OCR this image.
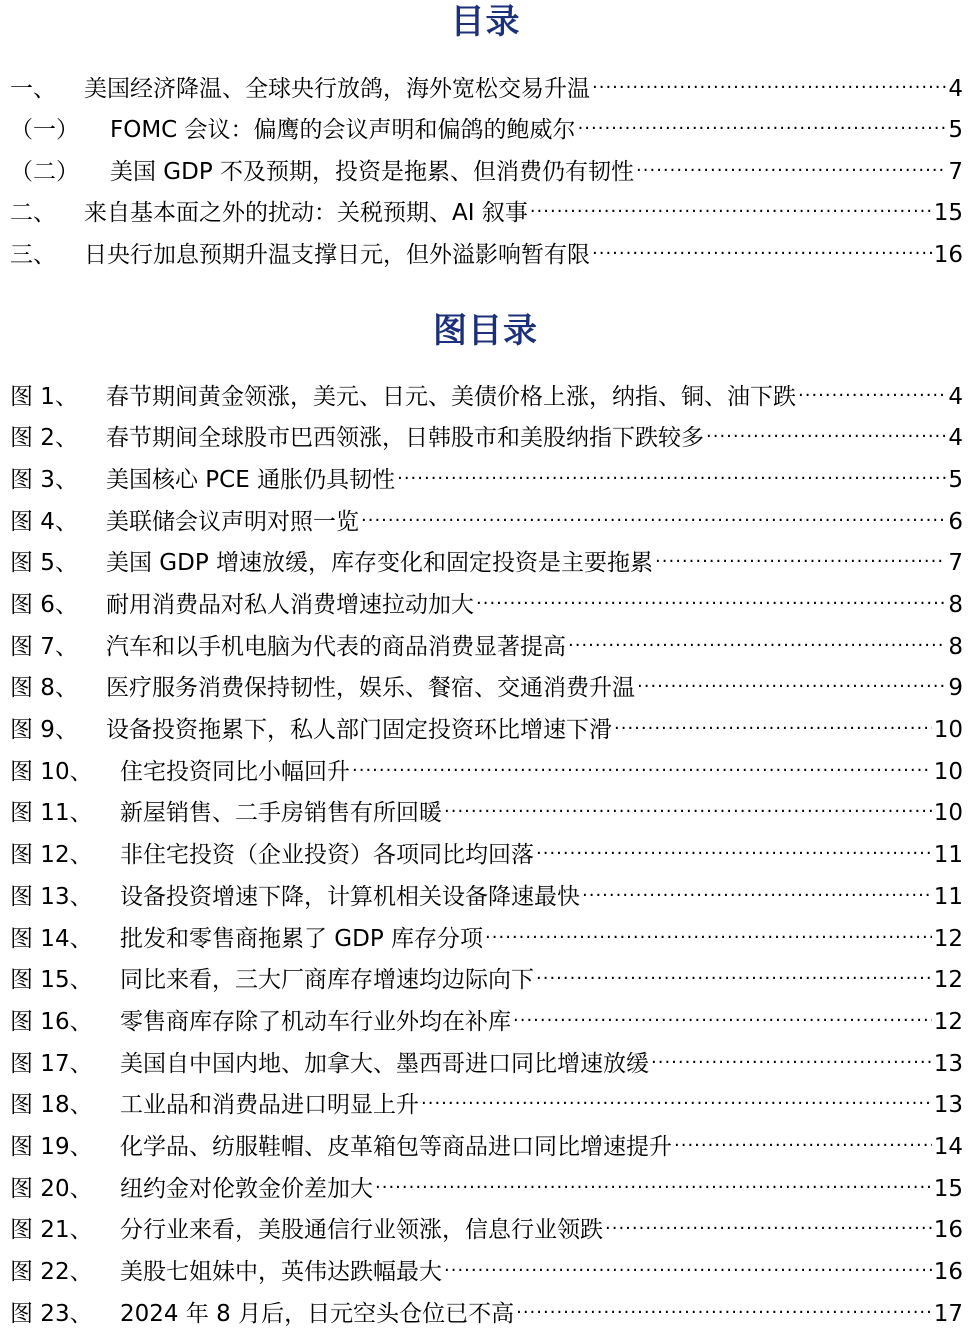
目录
一、	美国经济降温、全球央行放鸽，海外宽松交易升温 .....	4
（一）	FOMC 会议：偏鹰的会议声明和偏鸽的鲍威尔 .....	5
（二）	美国 GDP 不及预期，投资是拖累、但消费仍有韧性 .....	7
二、	来自基本面之外的扰动：关税预期、AI 叙事 .....	15
三、	日央行加息预期升温支撑日元，但外溢影响暂有限 .....	16
图目录
图 1、	春节期间黄金领涨，美元、日元、美债价格上涨，纳指、铜、油下跌 .....	4
图 2、	春节期间全球股市巴西领涨，日韩股市和美股纳指下跌较多 .....	4
图 3、	美国核心 PCE 通胀仍具韧性 .....	5
图 4、	美联储会议声明对照一览 .....	6
图 5、	美国 GDP 增速放缓，库存变化和固定投资是主要拖累 .....	7
图 6、	耐用消费品对私人消费增速拉动加大 .....	8
图 7、	汽车和以手机电脑为代表的商品消费显著提高 .....	8
图 8、	医疗服务消费保持韧性，娱乐、餐宿、交通消费升温 .....	9
图 9、	设备投资拖累下，私人部门固定投资环比增速下滑 .....	10
图 10、	住宅投资同比小幅回升 .....	10
图 11、	新屋销售、二手房销售有所回暖 .....	10
图 12、	非住宅投资（企业投资）各项同比均回落 .....	11
图 13、	设备投资增速下降，计算机相关设备降速最快 .....	11
图 14、	批发和零售商拖累了 GDP 库存分项 .....	12
图 15、	同比来看，三大厂商库存增速均边际向下 .....	12
图 16、	零售商库存除了机动车行业外均在补库 .....	12
图 17、	美国自中国内地、加拿大、墨西哥进口同比增速放缓 .....	13
图 18、	工业品和消费品进口明显上升 .....	13
图 19、	化学品、纺服鞋帽、皮革箱包等商品进口同比增速提升 .....	14
图 20、	纽约金对伦敦金价差加大 .....	15
图 21、	分行业来看，美股通信行业领涨，信息行业领跌 .....	16
图 22、	美股七姐妹中，英伟达跌幅最大 .....	16
图 23、	2024 年 8 月后，日元空头仓位已不高 .....	17
